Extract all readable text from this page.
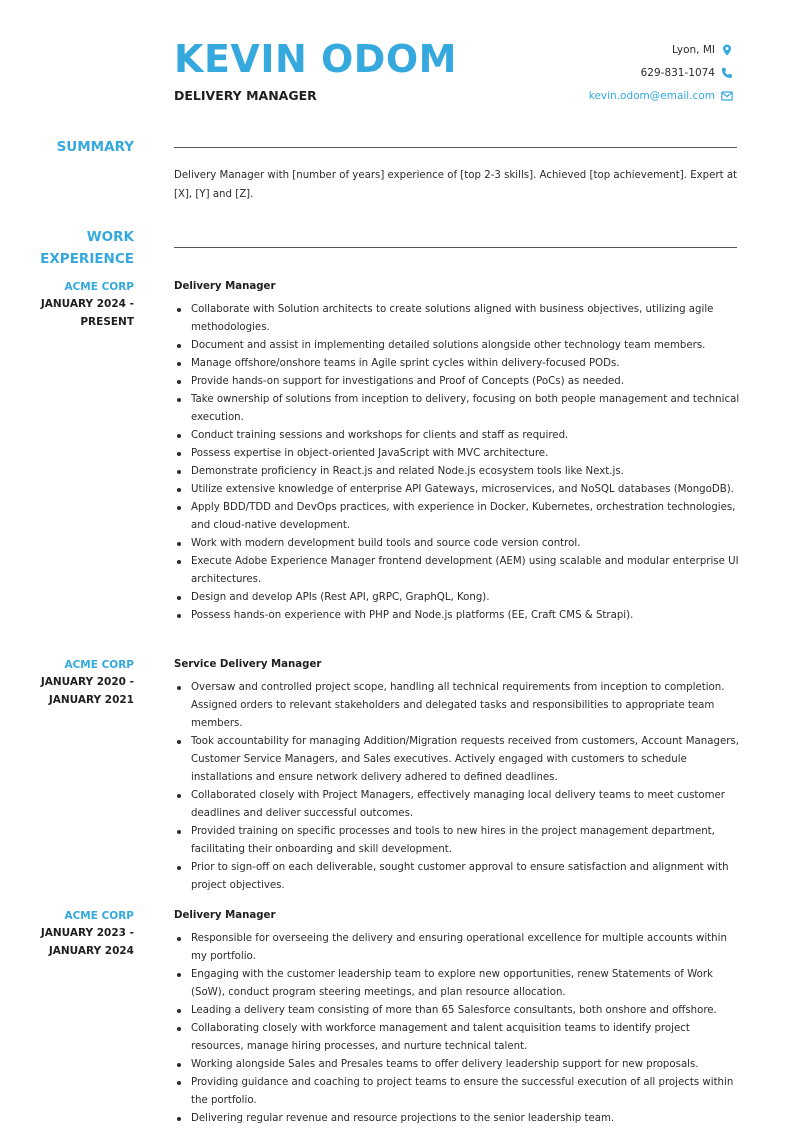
KEVIN ODOM
DELIVERY MANAGER
Lyon, MI
629-831-1074
kevin.odom@email.com
SUMMARY
Delivery Manager with [number of years] experience of [top 2-3 skills]. Achieved [top achievement]. Expert at [X], [Y] and [Z].
WORK
EXPERIENCE
ACME CORP
JANUARY 2024 -
PRESENT
Delivery Manager
Collaborate with Solution architects to create solutions aligned with business objectives, utilizing agile methodologies.
Document and assist in implementing detailed solutions alongside other technology team members.
Manage offshore/onshore teams in Agile sprint cycles within delivery-focused PODs.
Provide hands-on support for investigations and Proof of Concepts (PoCs) as needed.
Take ownership of solutions from inception to delivery, focusing on both people management and technical execution.
Conduct training sessions and workshops for clients and staff as required.
Possess expertise in object-oriented JavaScript with MVC architecture.
Demonstrate proficiency in React.js and related Node.js ecosystem tools like Next.js.
Utilize extensive knowledge of enterprise API Gateways, microservices, and NoSQL databases (MongoDB).
Apply BDD/TDD and DevOps practices, with experience in Docker, Kubernetes, orchestration technologies, and cloud-native development.
Work with modern development build tools and source code version control.
Execute Adobe Experience Manager frontend development (AEM) using scalable and modular enterprise UI architectures.
Design and develop APIs (Rest API, gRPC, GraphQL, Kong).
Possess hands-on experience with PHP and Node.js platforms (EE, Craft CMS & Strapi).
ACME CORP
JANUARY 2020 -
JANUARY 2021
Service Delivery Manager
Oversaw and controlled project scope, handling all technical requirements from inception to completion. Assigned orders to relevant stakeholders and delegated tasks and responsibilities to appropriate team members.
Took accountability for managing Addition/Migration requests received from customers, Account Managers, Customer Service Managers, and Sales executives. Actively engaged with customers to schedule installations and ensure network delivery adhered to defined deadlines.
Collaborated closely with Project Managers, effectively managing local delivery teams to meet customer deadlines and deliver successful outcomes.
Provided training on specific processes and tools to new hires in the project management department, facilitating their onboarding and skill development.
Prior to sign-off on each deliverable, sought customer approval to ensure satisfaction and alignment with project objectives.
ACME CORP
JANUARY 2023 -
JANUARY 2024
Delivery Manager
Responsible for overseeing the delivery and ensuring operational excellence for multiple accounts within my portfolio.
Engaging with the customer leadership team to explore new opportunities, renew Statements of Work (SoW), conduct program steering meetings, and plan resource allocation.
Leading a delivery team consisting of more than 65 Salesforce consultants, both onshore and offshore.
Collaborating closely with workforce management and talent acquisition teams to identify project resources, manage hiring processes, and nurture technical talent.
Working alongside Sales and Presales teams to offer delivery leadership support for new proposals.
Providing guidance and coaching to project teams to ensure the successful execution of all projects within the portfolio.
Delivering regular revenue and resource projections to the senior leadership team.
